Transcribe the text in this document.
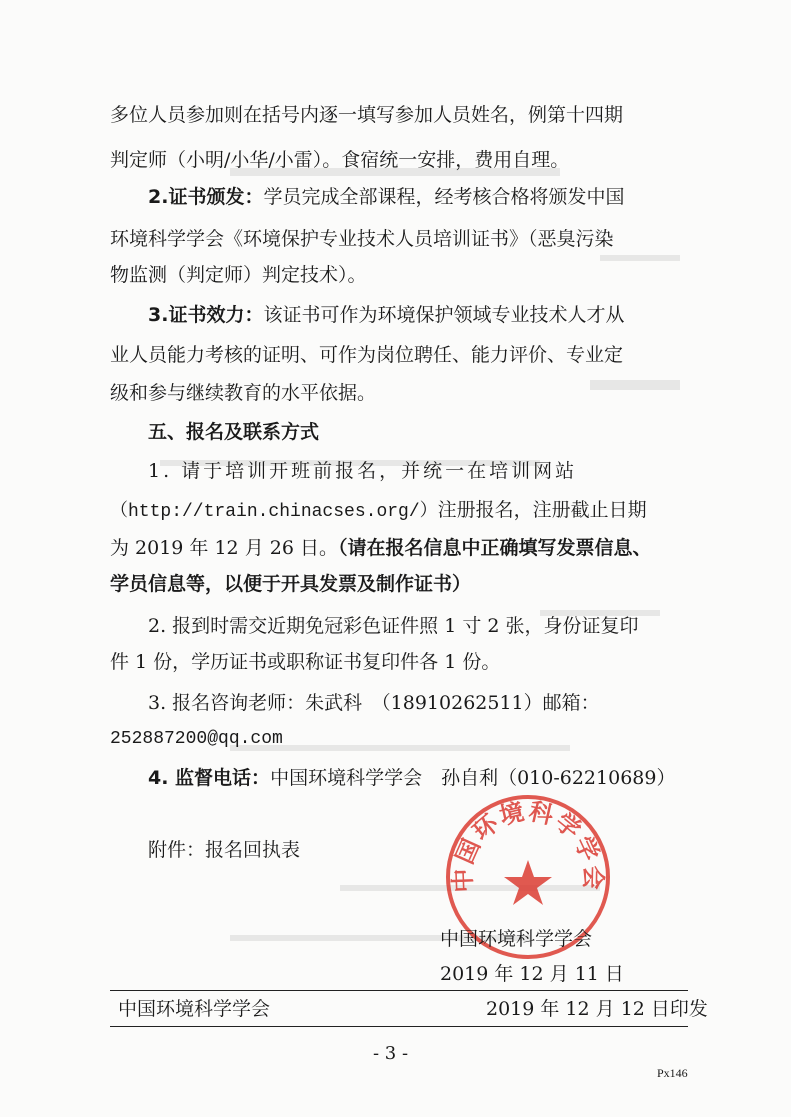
多位人员参加则在括号内逐一填写参加人员姓名，例第十四期

判定师（小明/小华/小雷）。食宿统一安排，费用自理。

2.证书颁发：学员完成全部课程，经考核合格将颁发中国

环境科学学会《环境保护专业技术人员培训证书》（恶臭污染

物监测（判定师）判定技术）。

3.证书效力：该证书可作为环境保护领域专业技术人才从

业人员能力考核的证明、可作为岗位聘任、能力评价、专业定

级和参与继续教育的水平依据。

五、报名及联系方式

1. 请于培训开班前报名，并统一在培训网站

（http://train.chinacses.org/）注册报名，注册截止日期

为 2019 年 12 月 26 日。（请在报名信息中正确填写发票信息、

学员信息等，以便于开具发票及制作证书）

2. 报到时需交近期免冠彩色证件照 1 寸 2 张，身份证复印

件 1 份，学历证书或职称证书复印件各 1 份。

3. 报名咨询老师：朱武科　（18910262511）邮箱：

252887200@qq.com

4. 监督电话：中国环境科学学会　孙自利（010-62210689）

附件：报名回执表

中国环境科学学会

中国环境科学学会

2019 年 12 月 11 日

中国环境科学学会	2019 年 12 月 12 日印发

- 3 -

Px146
